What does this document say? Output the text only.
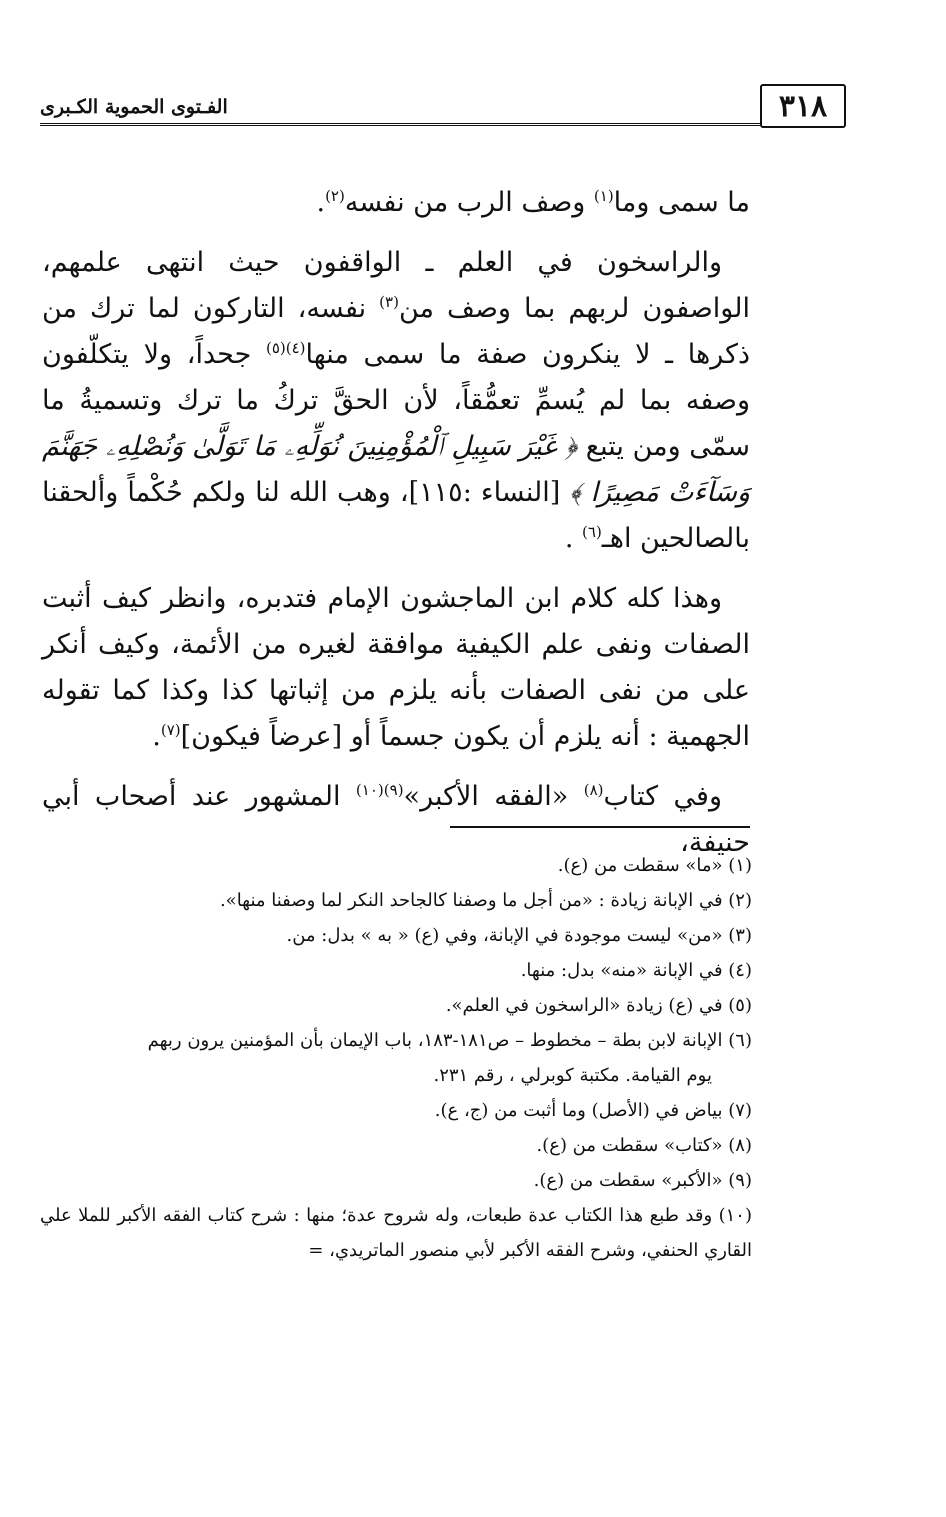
الفـتوى الحموية الكـبرى	٣١٨

ما سمى وما$^{(١)}$ وصف الرب من نفسه$^{(٢)}$.

والراسخون في العلم ـ الواقفون حيث انتهى علمهم، الواصفون لربهم بما وصف من$^{(٣)}$ نفسه، التاركون لما ترك من ذكرها ـ لا ينكرون صفة ما سمى منها$^{(٤)(٥)}$ جحداً، ولا يتكلّفون وصفه بما لم يُسمِّ تعمُّقاً، لأن الحقَّ تركُ ما ترك وتسميةُ ما سمّى ومن يتبع ﴿ غَيْرَ سَبِيلِ ٱلْمُؤْمِنِينَ نُوَلِّهِۦ مَا تَوَلَّىٰ وَنُصْلِهِۦ جَهَنَّمَ وَسَآءَتْ مَصِيرًا ﴾ [النساء :١١٥]، وهب الله لنا ولكم حُكْماً وألحقنا بالصالحين اهـ$^{(٦)}$ .

وهذا كله كلام ابن الماجشون الإمام فتدبره، وانظر كيف أثبت الصفات ونفى علم الكيفية موافقة لغيره من الأئمة، وكيف أنكر على من نفى الصفات بأنه يلزم من إثباتها كذا وكذا كما تقوله الجهمية : أنه يلزم أن يكون جسماً أو [عرضاً فيكون]$^{(٧)}$.

وفي كتاب$^{(٨)}$ «الفقه الأكبر»$^{(٩)(١٠)}$ المشهور عند أصحاب أبي حنيفة،

(١) «ما» سقطت من (ع).
(٢) في الإبانة زيادة : «من أجل ما وصفنا كالجاحد النكر لما وصفنا منها».
(٣) «من» ليست موجودة في الإبانة، وفي (ع) « به » بدل: من.
(٤) في الإبانة «منه» بدل: منها.
(٥) في (ع) زيادة «الراسخون في العلم».
(٦) الإبانة لابن بطة – مخطوط – ص١٨١-١٨٣، باب الإيمان بأن المؤمنين يرون ربهم
يوم القيامة. مكتبة كوبرلي ، رقم ٢٣١.
(٧) بياض في (الأصل) وما أثبت من (ج، ع).
(٨) «كتاب» سقطت من (ع).
(٩) «الأكبر» سقطت من (ع).
(١٠) وقد طبع هذا الكتاب عدة طبعات، وله شروح عدة؛ منها : شرح كتاب الفقه الأكبر للملا علي القاري الحنفي، وشرح الفقه الأكبر لأبي منصور الماتريدي، =
